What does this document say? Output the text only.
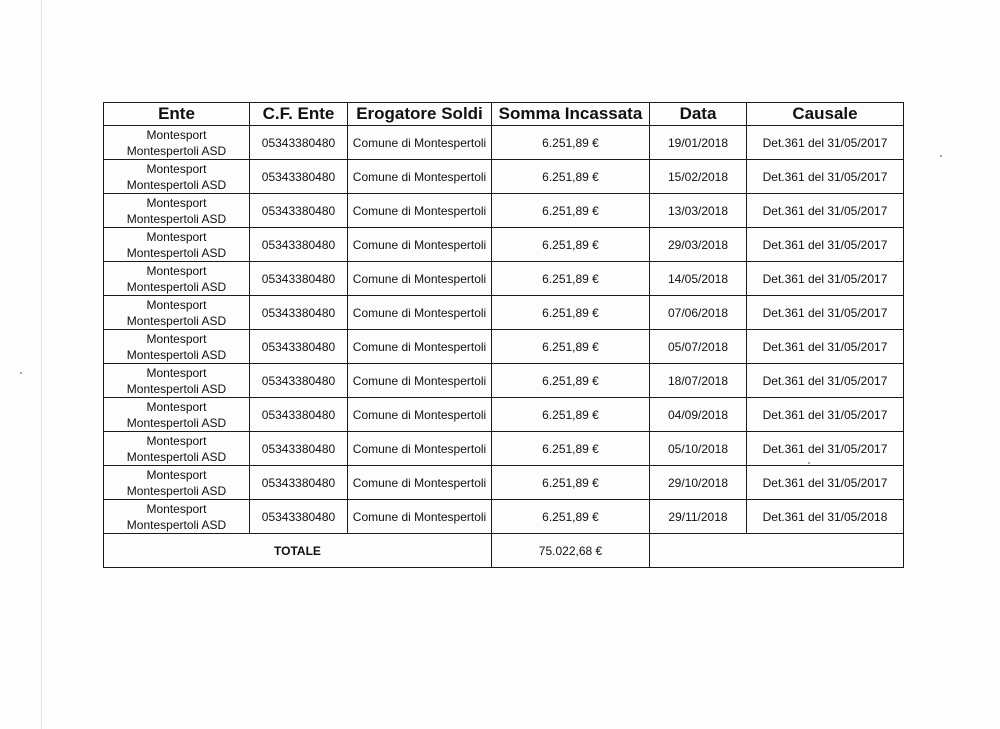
Ente	C.F. Ente	Erogatore Soldi	Somma Incassata	Data	Causale

Montesport
Montespertoli ASD	05343380480	Comune di Montespertoli	6.251,89 €	19/01/2018	Det.361 del 31/05/2017

Montesport
Montespertoli ASD	05343380480	Comune di Montespertoli	6.251,89 €	15/02/2018	Det.361 del 31/05/2017

Montesport
Montespertoli ASD	05343380480	Comune di Montespertoli	6.251,89 €	13/03/2018	Det.361 del 31/05/2017

Montesport
Montespertoli ASD	05343380480	Comune di Montespertoli	6.251,89 €	29/03/2018	Det.361 del 31/05/2017

Montesport
Montespertoli ASD	05343380480	Comune di Montespertoli	6.251,89 €	14/05/2018	Det.361 del 31/05/2017

Montesport
Montespertoli ASD	05343380480	Comune di Montespertoli	6.251,89 €	07/06/2018	Det.361 del 31/05/2017

Montesport
Montespertoli ASD	05343380480	Comune di Montespertoli	6.251,89 €	05/07/2018	Det.361 del 31/05/2017

Montesport
Montespertoli ASD	05343380480	Comune di Montespertoli	6.251,89 €	18/07/2018	Det.361 del 31/05/2017

Montesport
Montespertoli ASD	05343380480	Comune di Montespertoli	6.251,89 €	04/09/2018	Det.361 del 31/05/2017

Montesport
Montespertoli ASD	05343380480	Comune di Montespertoli	6.251,89 €	05/10/2018	Det.361 del 31/05/2017

Montesport
Montespertoli ASD	05343380480	Comune di Montespertoli	6.251,89 €	29/10/2018	Det.361 del 31/05/2017

Montesport
Montespertoli ASD	05343380480	Comune di Montespertoli	6.251,89 €	29/11/2018	Det.361 del 31/05/2018
TOTALE			75.022,68 €		
